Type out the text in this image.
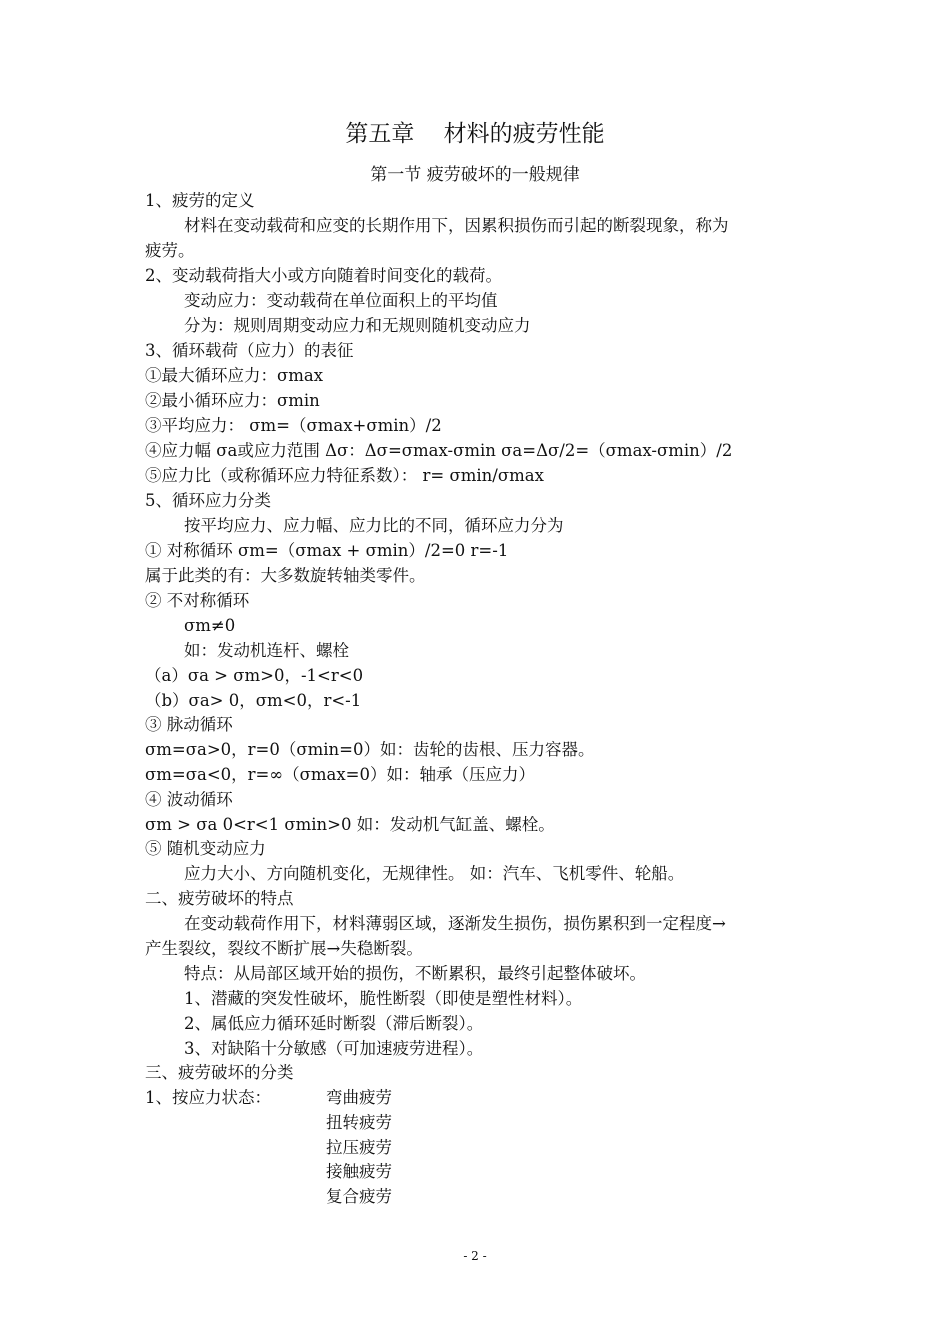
第五章    材料的疲劳性能
第一节 疲劳破坏的一般规律
1、疲劳的定义
材料在变动载荷和应变的长期作用下，因累积损伤而引起的断裂现象，称为
疲劳。
2、变动载荷指大小或方向随着时间变化的载荷。
变动应力：变动载荷在单位面积上的平均值
分为：规则周期变动应力和无规则随机变动应力
3、循环载荷（应力）的表征
①最大循环应力：σmax
②最小循环应力：σmin
③平均应力： σm=（σmax+σmin）/2
④应力幅 σa或应力范围 Δσ：Δσ=σmax-σmin σa=Δσ/2=（σmax-σmin）/2
⑤应力比（或称循环应力特征系数）： r= σmin/σmax
5、循环应力分类
按平均应力、应力幅、应力比的不同，循环应力分为
① 对称循环 σm=（σmax + σmin）/2=0 r=-1
属于此类的有：大多数旋转轴类零件。
② 不对称循环
σm≠0
如：发动机连杆、螺栓
（a）σa > σm>0，-1<r<0
（b）σa> 0，σm<0，r<-1
③ 脉动循环
σm=σa>0，r=0（σmin=0）如：齿轮的齿根、压力容器。
σm=σa<0，r=∞（σmax=0）如：轴承（压应力）
④ 波动循环
σm > σa 0<r<1 σmin>0 如：发动机气缸盖、螺栓。
⑤ 随机变动应力
应力大小、方向随机变化，无规律性。 如：汽车、飞机零件、轮船。
二、疲劳破坏的特点
在变动载荷作用下，材料薄弱区域，逐渐发生损伤，损伤累积到一定程度→
产生裂纹，裂纹不断扩展→失稳断裂。
特点：从局部区域开始的损伤，不断累积，最终引起整体破坏。
1、潜藏的突发性破坏，脆性断裂（即使是塑性材料）。
2、属低应力循环延时断裂（滞后断裂）。
3、对缺陷十分敏感（可加速疲劳进程）。
三、疲劳破坏的分类
1、按应力状态：	弯曲疲劳
扭转疲劳
拉压疲劳
接触疲劳
复合疲劳
- 2 -
